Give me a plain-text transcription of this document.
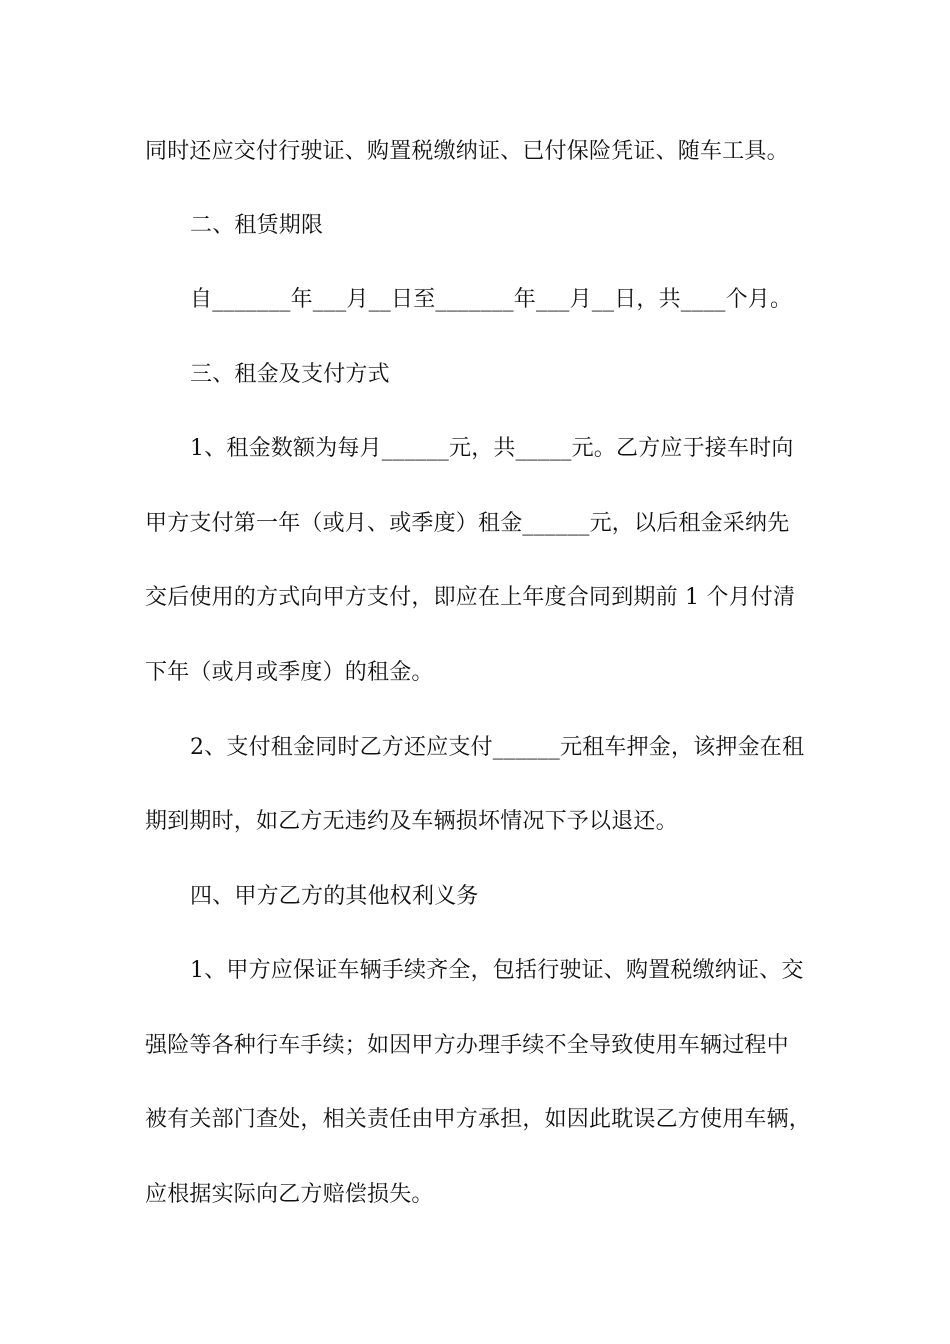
同时还应交付行驶证、购置税缴纳证、已付保险凭证、随车工具。
二、租赁期限
自_______年___月__日至_______年___月__日，共____个月。
三、租金及支付方式
1、租金数额为每月______元，共_____元。乙方应于接车时向
甲方支付第一年（或月、或季度）租金______元，以后租金采纳先
交后使用的方式向甲方支付，即应在上年度合同到期前 1 个月付清
下年（或月或季度）的租金。
2、支付租金同时乙方还应支付______元租车押金，该押金在租
期到期时，如乙方无违约及车辆损坏情况下予以退还。
四、甲方乙方的其他权利义务
1、甲方应保证车辆手续齐全，包括行驶证、购置税缴纳证、交
强险等各种行车手续；如因甲方办理手续不全导致使用车辆过程中
被有关部门查处，相关责任由甲方承担，如因此耽误乙方使用车辆，
应根据实际向乙方赔偿损失。
